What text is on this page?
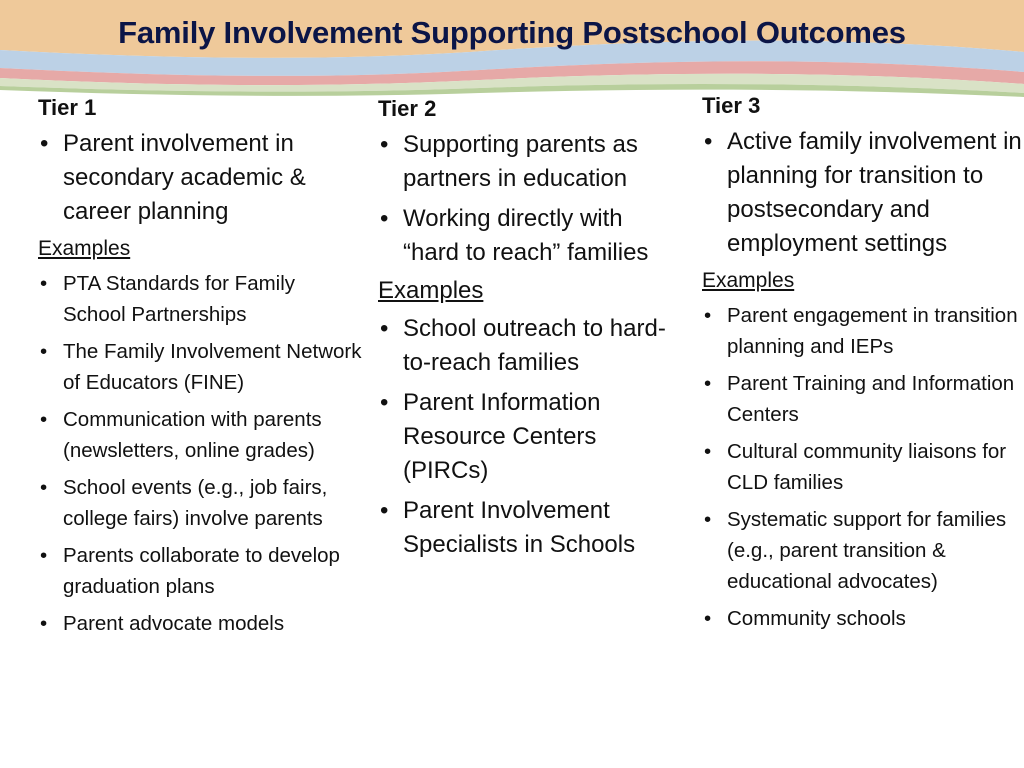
Family Involvement Supporting Postschool Outcomes
Tier 1
• Parent involvement in secondary academic & career planning
Examples
• PTA Standards for Family School Partnerships
• The Family Involvement Network of Educators (FINE)
• Communication with parents (newsletters, online grades)
• School events (e.g., job fairs, college fairs) involve parents
• Parents collaborate to develop graduation plans
• Parent advocate models
Tier 2
• Supporting parents as partners in education
• Working directly with “hard to reach” families
Examples
• School outreach to hard-to-reach families
• Parent Information Resource Centers (PIRCs)
• Parent Involvement Specialists in Schools
Tier 3
• Active family involvement in planning for transition to postsecondary and employment settings
Examples
• Parent engagement in transition planning and IEPs
• Parent Training and Information Centers
• Cultural community liaisons for CLD families
• Systematic support for families (e.g., parent transition & educational advocates)
• Community schools
